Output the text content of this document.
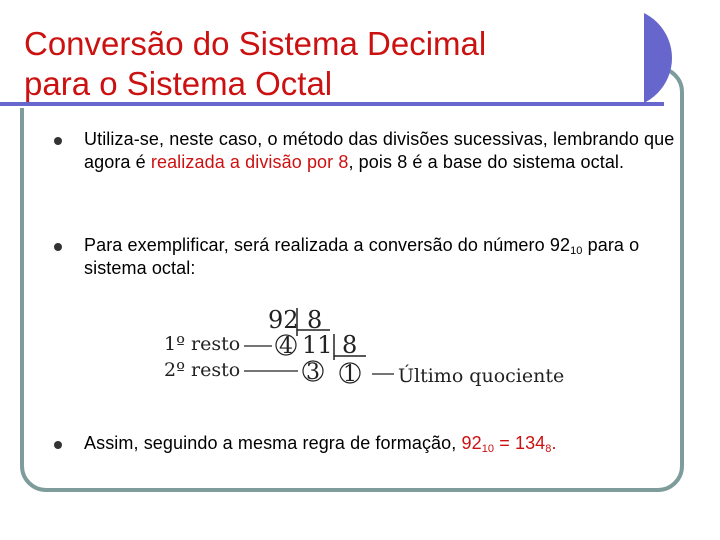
Conversão do Sistema Decimal
para o Sistema Octal
Utiliza-se, neste caso, o método das divisões sucessivas, lembrando que agora é realizada a divisão por 8, pois 8 é a base do sistema octal.
Para exemplificar, será realizada a conversão do número $92_{10}$ para o sistema octal:
Assim, seguindo a mesma regra de formação, $92_{10} = 134_8$.
92 8
1º resto 4 11 8
2º resto	3 1 Último quociente
